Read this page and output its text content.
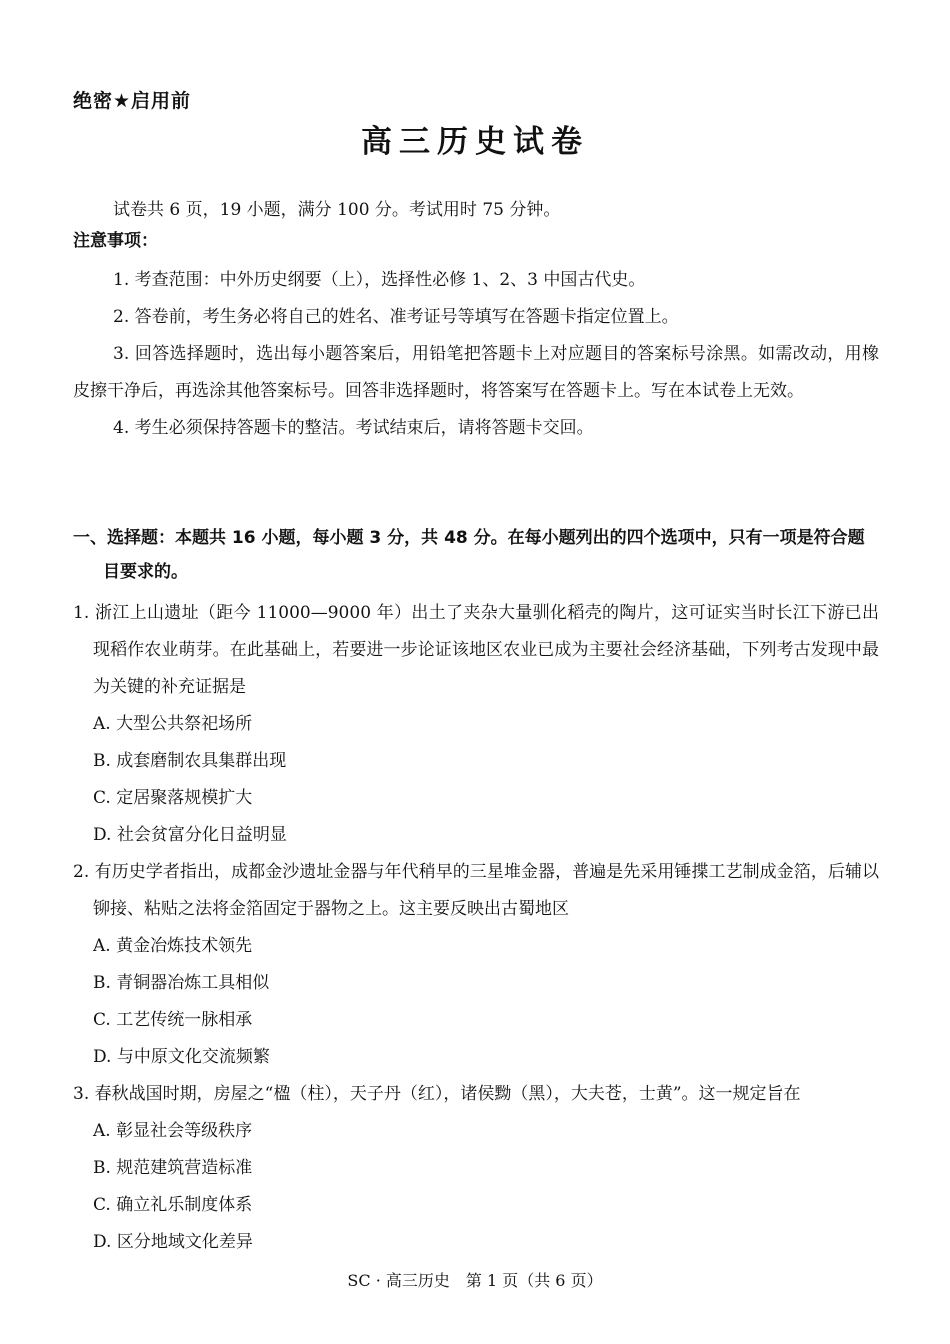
绝密★启用前
高三历史试卷
试卷共 6 页，19 小题，满分 100 分。考试用时 75 分钟。
注意事项：

1. 考查范围：中外历史纲要（上），选择性必修 1、2、3 中国古代史。

2. 答卷前，考生务必将自己的姓名、准考证号等填写在答题卡指定位置上。

3. 回答选择题时，选出每小题答案后，用铅笔把答题卡上对应题目的答案标号涂黑。如需改动，用橡皮擦干净后，再选涂其他答案标号。回答非选择题时，将答案写在答题卡上。写在本试卷上无效。

4. 考生必须保持答题卡的整洁。考试结束后，请将答题卡交回。

一、选择题：本题共 16 小题，每小题 3 分，共 48 分。在每小题列出的四个选项中，只有一项是符合题目要求的。

1. 浙江上山遗址（距今 11000—9000 年）出土了夹杂大量驯化稻壳的陶片，这可证实当时长江下游已出现稻作农业萌芽。在此基础上，若要进一步论证该地区农业已成为主要社会经济基础，下列考古发现中最为关键的补充证据是

A. 大型公共祭祀场所

B. 成套磨制农具集群出现

C. 定居聚落规模扩大

D. 社会贫富分化日益明显

2. 有历史学者指出，成都金沙遗址金器与年代稍早的三星堆金器，普遍是先采用锤揲工艺制成金箔，后辅以铆接、粘贴之法将金箔固定于器物之上。这主要反映出古蜀地区

A. 黄金冶炼技术领先

B. 青铜器冶炼工具相似

C. 工艺传统一脉相承

D. 与中原文化交流频繁

3. 春秋战国时期，房屋之“楹（柱），天子丹（红），诸侯黝（黑），大夫苍，士黄”。这一规定旨在

A. 彰显社会等级秩序

B. 规范建筑营造标准

C. 确立礼乐制度体系

D. 区分地域文化差异

SC · 高三历史　第 1 页（共 6 页）
